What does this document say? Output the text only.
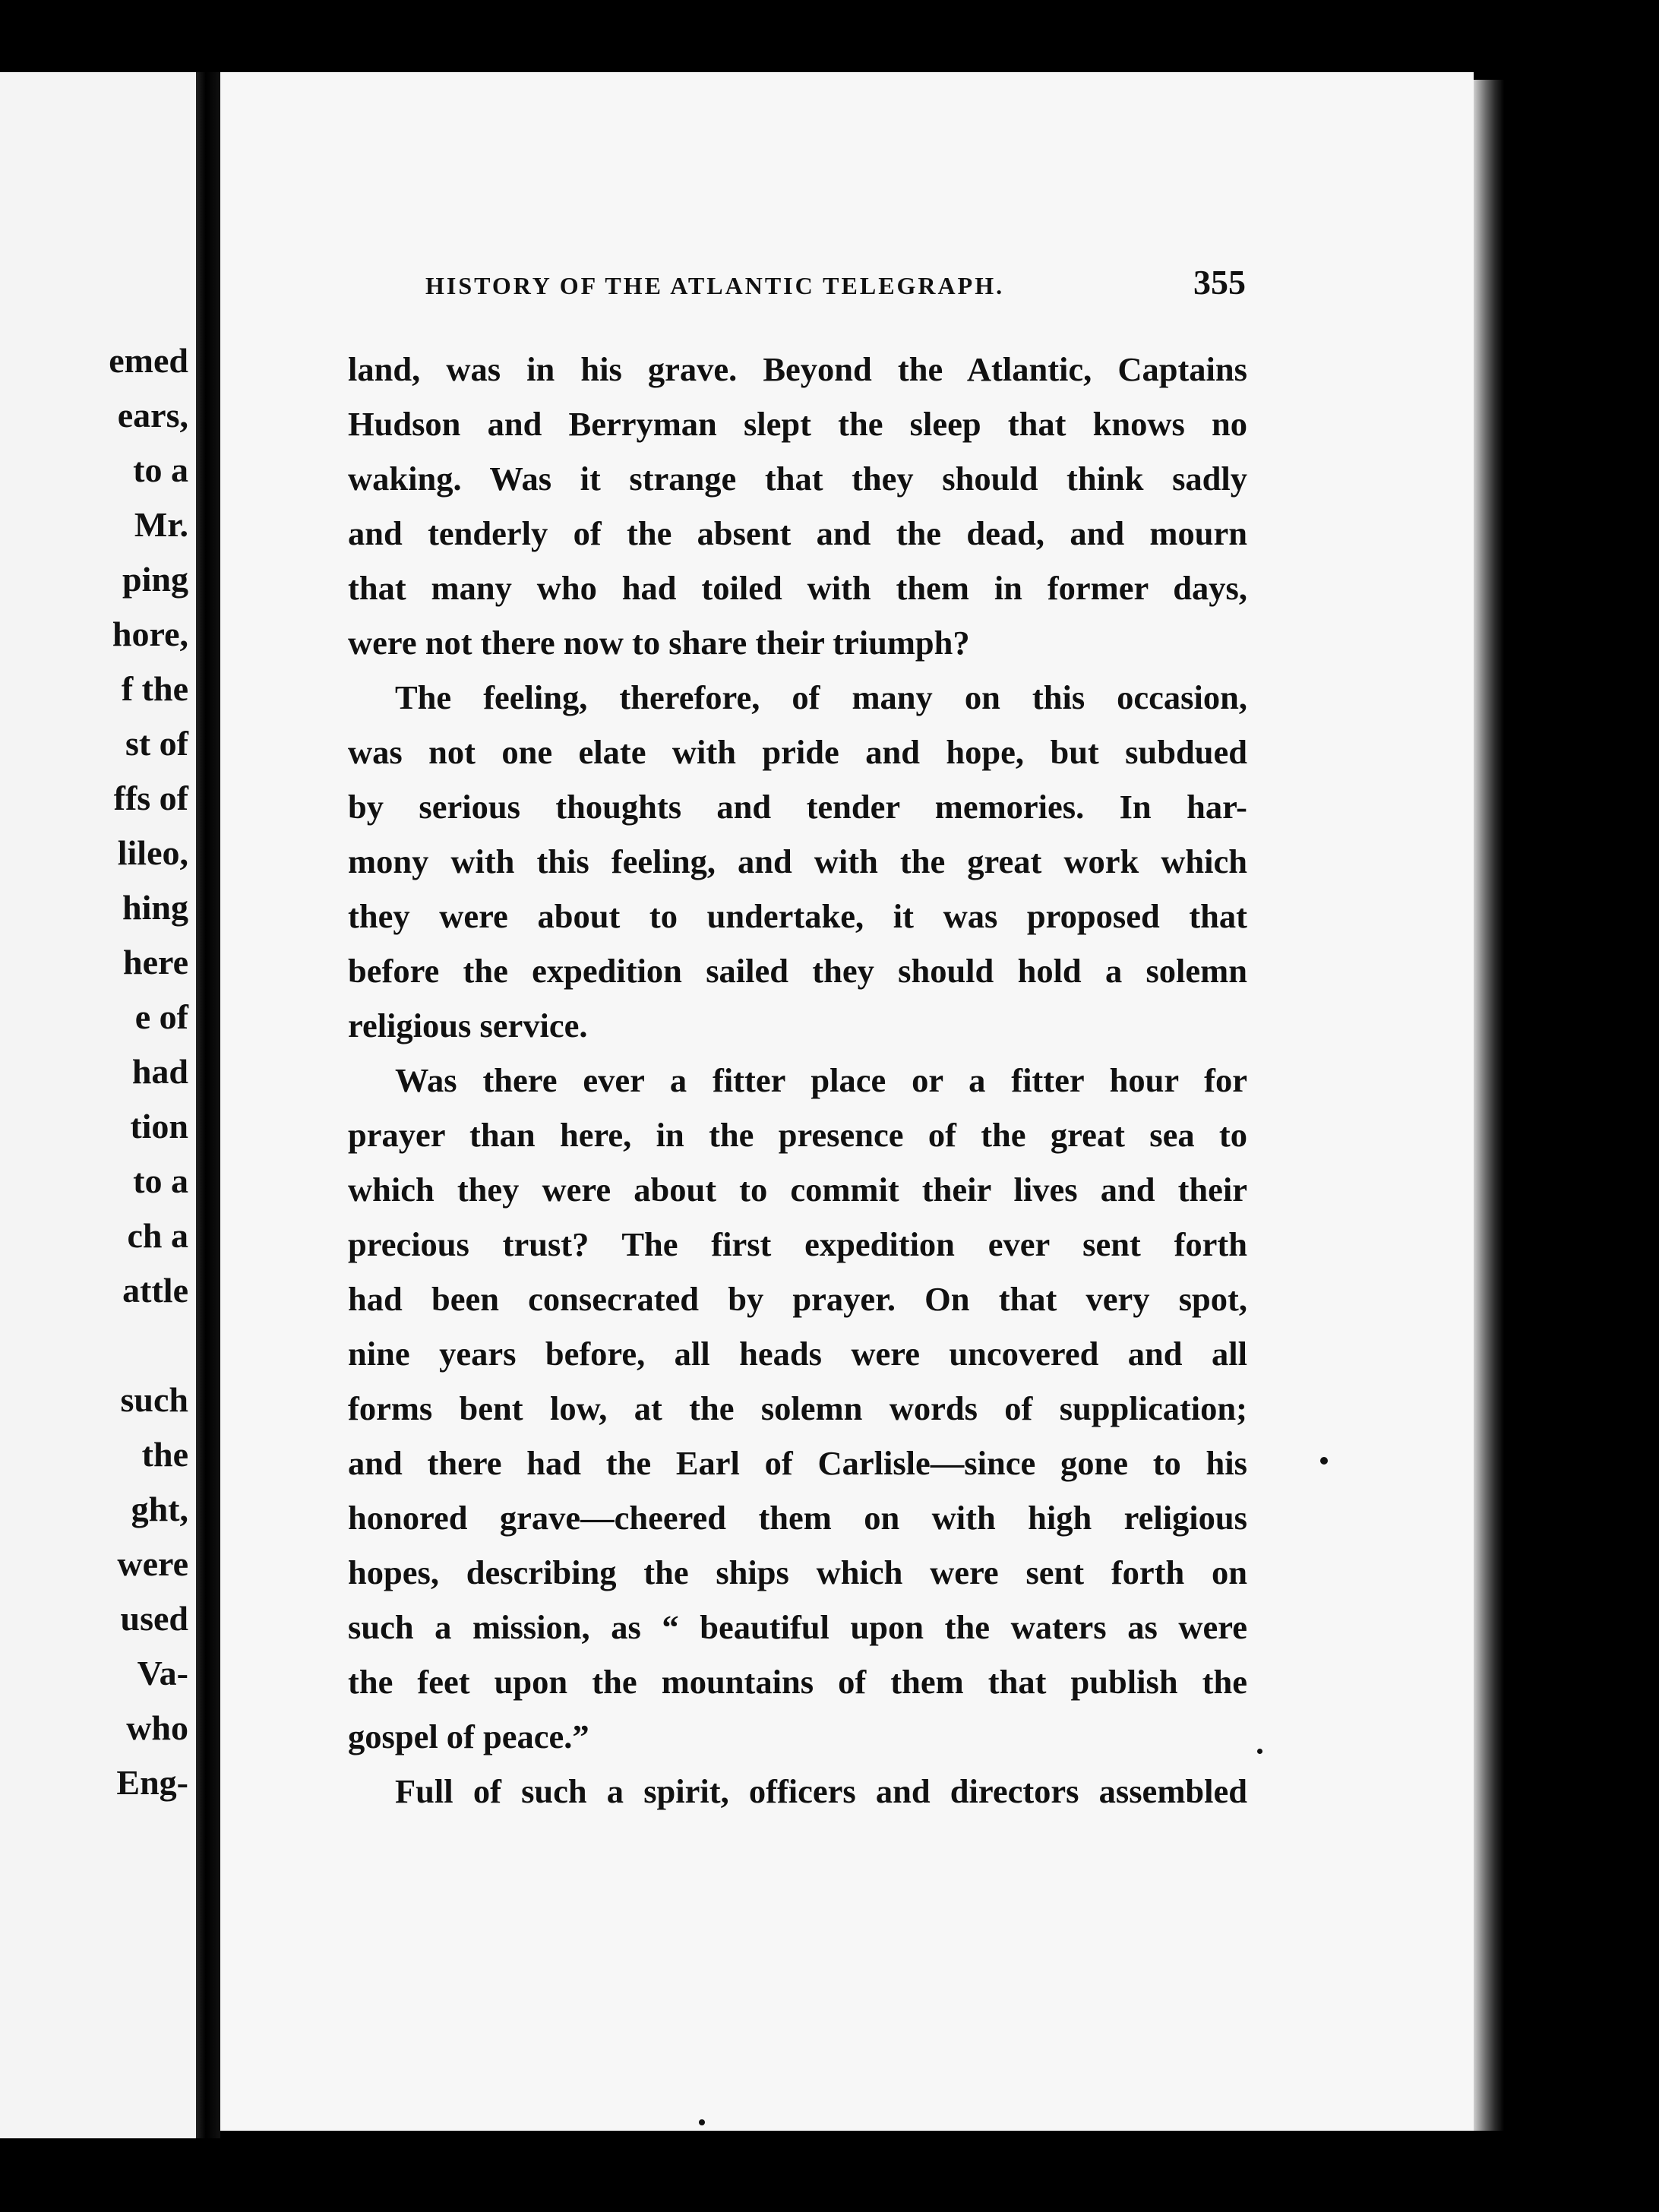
emed
ears,
to a
Mr.
ping
hore,
f the
st of
ffs of
lileo,
hing
here
e of
had
tion
to a
ch a
attle
such
the
ght,
were
used
Va-
who
Eng-
HISTORY OF THE ATLANTIC TELEGRAPH.	355
land, was in his grave. Beyond the Atlantic, Captains
Hudson and Berryman slept the sleep that knows no
waking. Was it strange that they should think sadly
and tenderly of the absent and the dead, and mourn
that many who had toiled with them in former days,
were not there now to share their triumph?
The feeling, therefore, of many on this occasion,
was not one elate with pride and hope, but subdued
by serious thoughts and tender memories. In har-
mony with this feeling, and with the great work which
they were about to undertake, it was proposed that
before the expedition sailed they should hold a solemn
religious service.
Was there ever a fitter place or a fitter hour for
prayer than here, in the presence of the great sea to
which they were about to commit their lives and their
precious trust? The first expedition ever sent forth
had been consecrated by prayer. On that very spot,
nine years before, all heads were uncovered and all
forms bent low, at the solemn words of supplication;
and there had the Earl of Carlisle—since gone to his
honored grave—cheered them on with high religious
hopes, describing the ships which were sent forth on
such a mission, as “ beautiful upon the waters as were
the feet upon the mountains of them that publish the
gospel of peace.”
Full of such a spirit, officers and directors assembled
